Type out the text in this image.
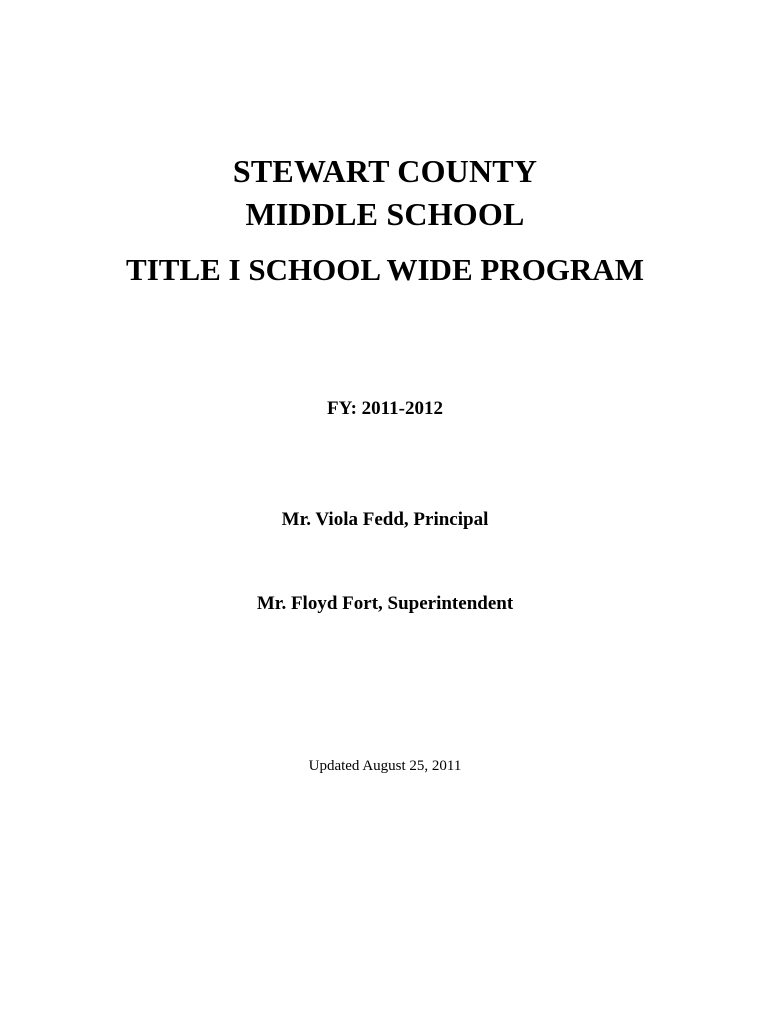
STEWART COUNTY
MIDDLE SCHOOL
TITLE I SCHOOL WIDE PROGRAM

FY: 2011-2012

Mr. Viola Fedd, Principal

Mr. Floyd Fort, Superintendent

Updated August 25, 2011
